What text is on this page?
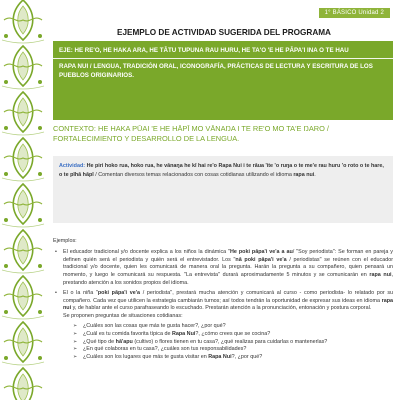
1° BÁSICO Unidad 2
EJEMPLO DE ACTIVIDAD SUGERIDA DEL PROGRAMA
EJE: HE RE'O, HE HAKA ARA, HE TĀTU TUPUNA RAU HURU, HE TA'O 'E HE PĀPA'I INA O TE HAU
RAPA NUI / LENGUA, TRADICIÓN ORAL, ICONOGRAFÍA, PRÁCTICAS DE LECTURA Y ESCRITURA DE LOS PUEBLOS ORIGINARIOS.
CONTEXTO: HE HAKA PŪAI 'E HE HĀPĪ MO VĀNAŊA I TE RE'O MO TA'E ŊARO / FORTALECIMIENTO Y DESARROLLO DE LA LENGUA.
Actividad: He piri hoko rua, hoko rua, he vānaŋa he kī hai re'o Rapa Nui i te rāua 'ite 'o ruŋa o te me'e rau huru 'o roto o te hare, o te pīhā hāpī / Comentan diversos temas relacionados con cosas cotidianas utilizando el idioma rapa nui.
Ejemplos:
• El educador tradicional y/o docente explica a los niños la dinámica "He poki pāpa'i ve'a a au/ "Soy periodista": Se forman en pareja y definen quién será el periodista y quién será el entrevistador. Los "nā poki pāpa'i ve'a / periodistas" se reúnen con el educador tradicional y/o docente, quien les comunicará de manera oral la pregunta. Harán la pregunta a su compañero, quien pensará un momento, y luego le comunicará su respuesta. "La entrevista" durará aproximadamente 5 minutos y se comunicarán en rapa nui, prestando atención a los sonidos propios del idioma.
• El o la niña "poki pāpa'i ve'a / periodista", prestará mucha atención y comunicará al curso - como periodista- lo relatado por su compañero. Cada vez que utilicen la estrategia cambiarán turnos; así todos tendrán la oportunidad de expresar sus ideas en idioma rapa nui y, de hablar ante el curso parafraseando lo escuchado. Prestarán atención a la pronunciación, entonación y postura corporal.
Se proponen preguntas de situaciones cotidianas:
➢ ¿Cuáles son las cosas que más te gusta hacer?, ¿por qué?
➢ ¿Cuál es tu comida favorita típica de Rapa Nui?, ¿cómo crees que se cocina?
➢ ¿Qué tipo de hā'apu (cultivo) o flores tienen en tu casa?, ¿qué realizas para cuidarlas o mantenerlas?
➢ ¿En qué colaboras en tu casa?, ¿cuáles son tus responsabilidades?
➢ ¿Cuáles son los lugares que más te gusta visitar en Rapa Nui?, ¿por qué?
